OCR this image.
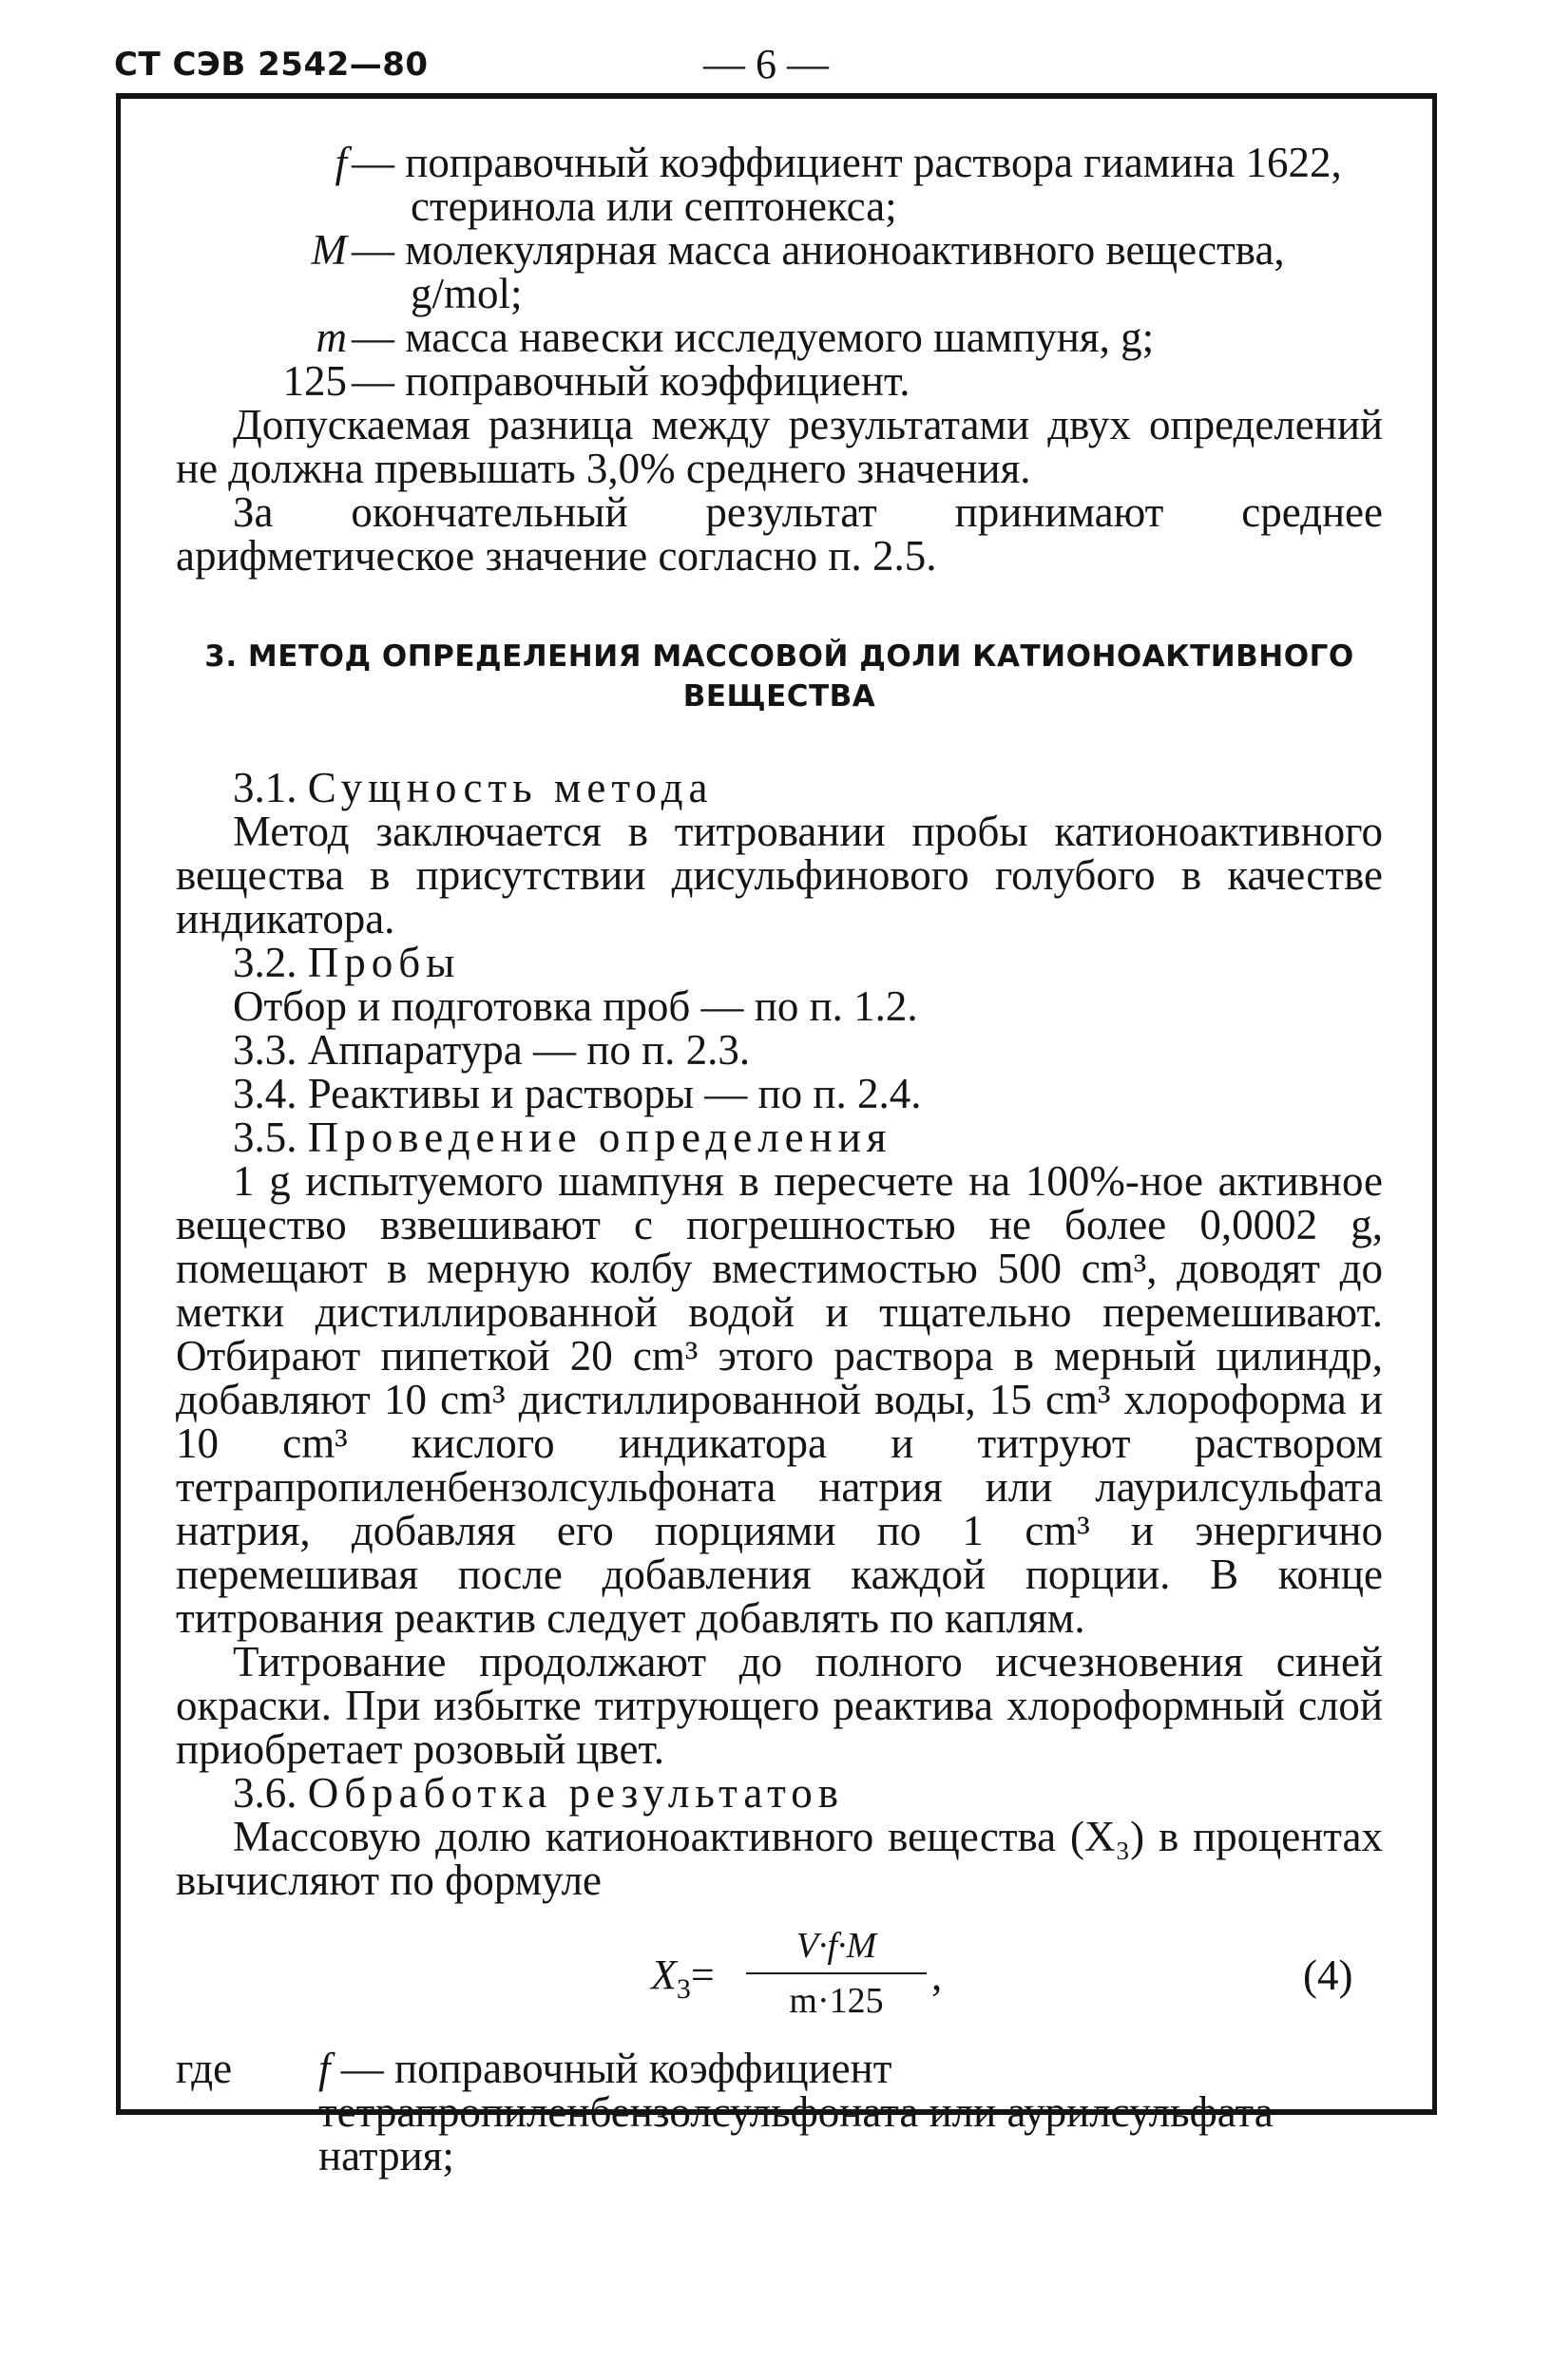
СТ СЭВ 2542—80	— 6 —
f — поправочный коэффициент раствора гиамина 1622,
стеринола или септонекса;
M — молекулярная масса анионоактивного вещества,
g/mol;
m — масса навески исследуемого шампуня, g;
125 — поправочный коэффициент.

Допускаемая разница между результатами двух определений не должна превышать 3,0% среднего значения.

За окончательный результат принимают среднее арифметическое значение согласно п. 2.5.

3. МЕТОД ОПРЕДЕЛЕНИЯ МАССОВОЙ ДОЛИ КАТИОНОАКТИВНОГО ВЕЩЕСТВА

3.1. Сущность метода

Метод заключается в титровании пробы катионоактивного вещества в присутствии дисульфинового голубого в качестве индикатора.

3.2. Пробы

Отбор и подготовка проб — по п. 1.2.

3.3. Аппаратура — по п. 2.3.

3.4. Реактивы и растворы — по п. 2.4.

3.5. Проведение определения

1 g испытуемого шампуня в пересчете на 100%-ное активное вещество взвешивают с погрешностью не более 0,0002 g, помещают в мерную колбу вместимостью 500 cm³, доводят до метки дистиллированной водой и тщательно перемешивают. Отбирают пипеткой 20 cm³ этого раствора в мерный цилиндр, добавляют 10 cm³ дистиллированной воды, 15 cm³ хлороформа и 10 cm³ кислого индикатора и титруют раствором тетрапропиленбензолсульфоната натрия или лаурилсульфата натрия, добавляя его порциями по 1 cm³ и энергично перемешивая после добавления каждой порции. В конце титрования реактив следует добавлять по каплям.

Титрование продолжают до полного исчезновения синей окраски. При избытке титрующего реактива хлороформный слой приобретает розовый цвет.

3.6. Обработка результатов

Массовую долю катионоактивного вещества (X₃) в процентах вычисляют по формуле

$X_3=$
V·f·M
m·125
,	(4)
где f — поправочный коэффициент тетрапропиленбензолсульфоната или аурилсульфата натрия;
